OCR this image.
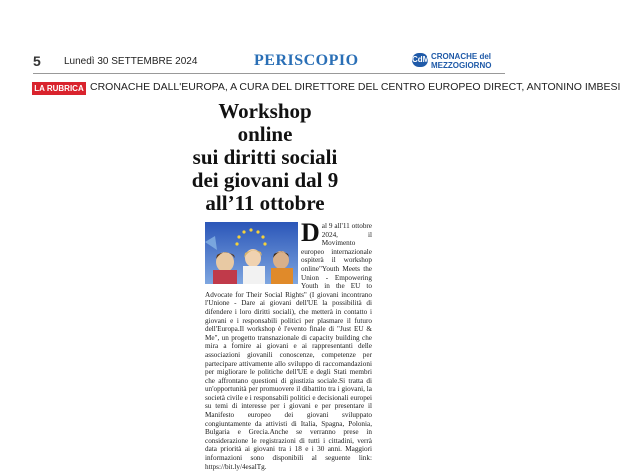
5 Lunedì 30 SETTEMBRE 2024	PERISCOPIO	CdM CRONACHE del
MEZZOGIORNO
LA RUBRICA CRONACHE DALL'EUROPA, A CURA DEL DIRETTORE DEL CENTRO EUROPEO DIRECT, ANTONINO IMBESI
Workshop online
sui diritti sociali
dei giovani dal 9
all’11 ottobre
D al 9 all'11 ottobre 2024, il Movimento europeo internazionale ospiterà il workshop online"Youth Meets the Union - Empowering Youth in the EU to Advocate for Their Social Rights" (I giovani incontrano l'Unione - Dare ai giovani dell'UE la possibilità di difendere i loro diritti sociali), che metterà in contatto i giovani e i responsabili politici per plasmare il futuro dell'Europa.Il workshop è l'evento finale di "Just EU & Me", un progetto transnazionale di capacity building che mira a fornire ai giovani e ai rappresentanti delle associazioni giovanili conoscenze, competenze per partecipare attivamente allo sviluppo di raccomandazioni per migliorare le politiche dell'UE e degli Stati membri che affrontano questioni di giustizia sociale.Si tratta di un'opportunità per promuovere il dibattito tra i giovani, la società civile e i responsabili politici e decisionali europei su temi di interesse per i giovani e per presentare il Manifesto europeo dei giovani sviluppato congiuntamente da attivisti di Italia, Spagna, Polonia, Bulgaria e Grecia.Anche se verranno prese in considerazione le registrazioni di tutti i cittadini, verrà data priorità ai giovani tra i 18 e i 30 anni. Maggiori informazioni sono disponibili al seguente link: https://bit.ly/4esalTg.
